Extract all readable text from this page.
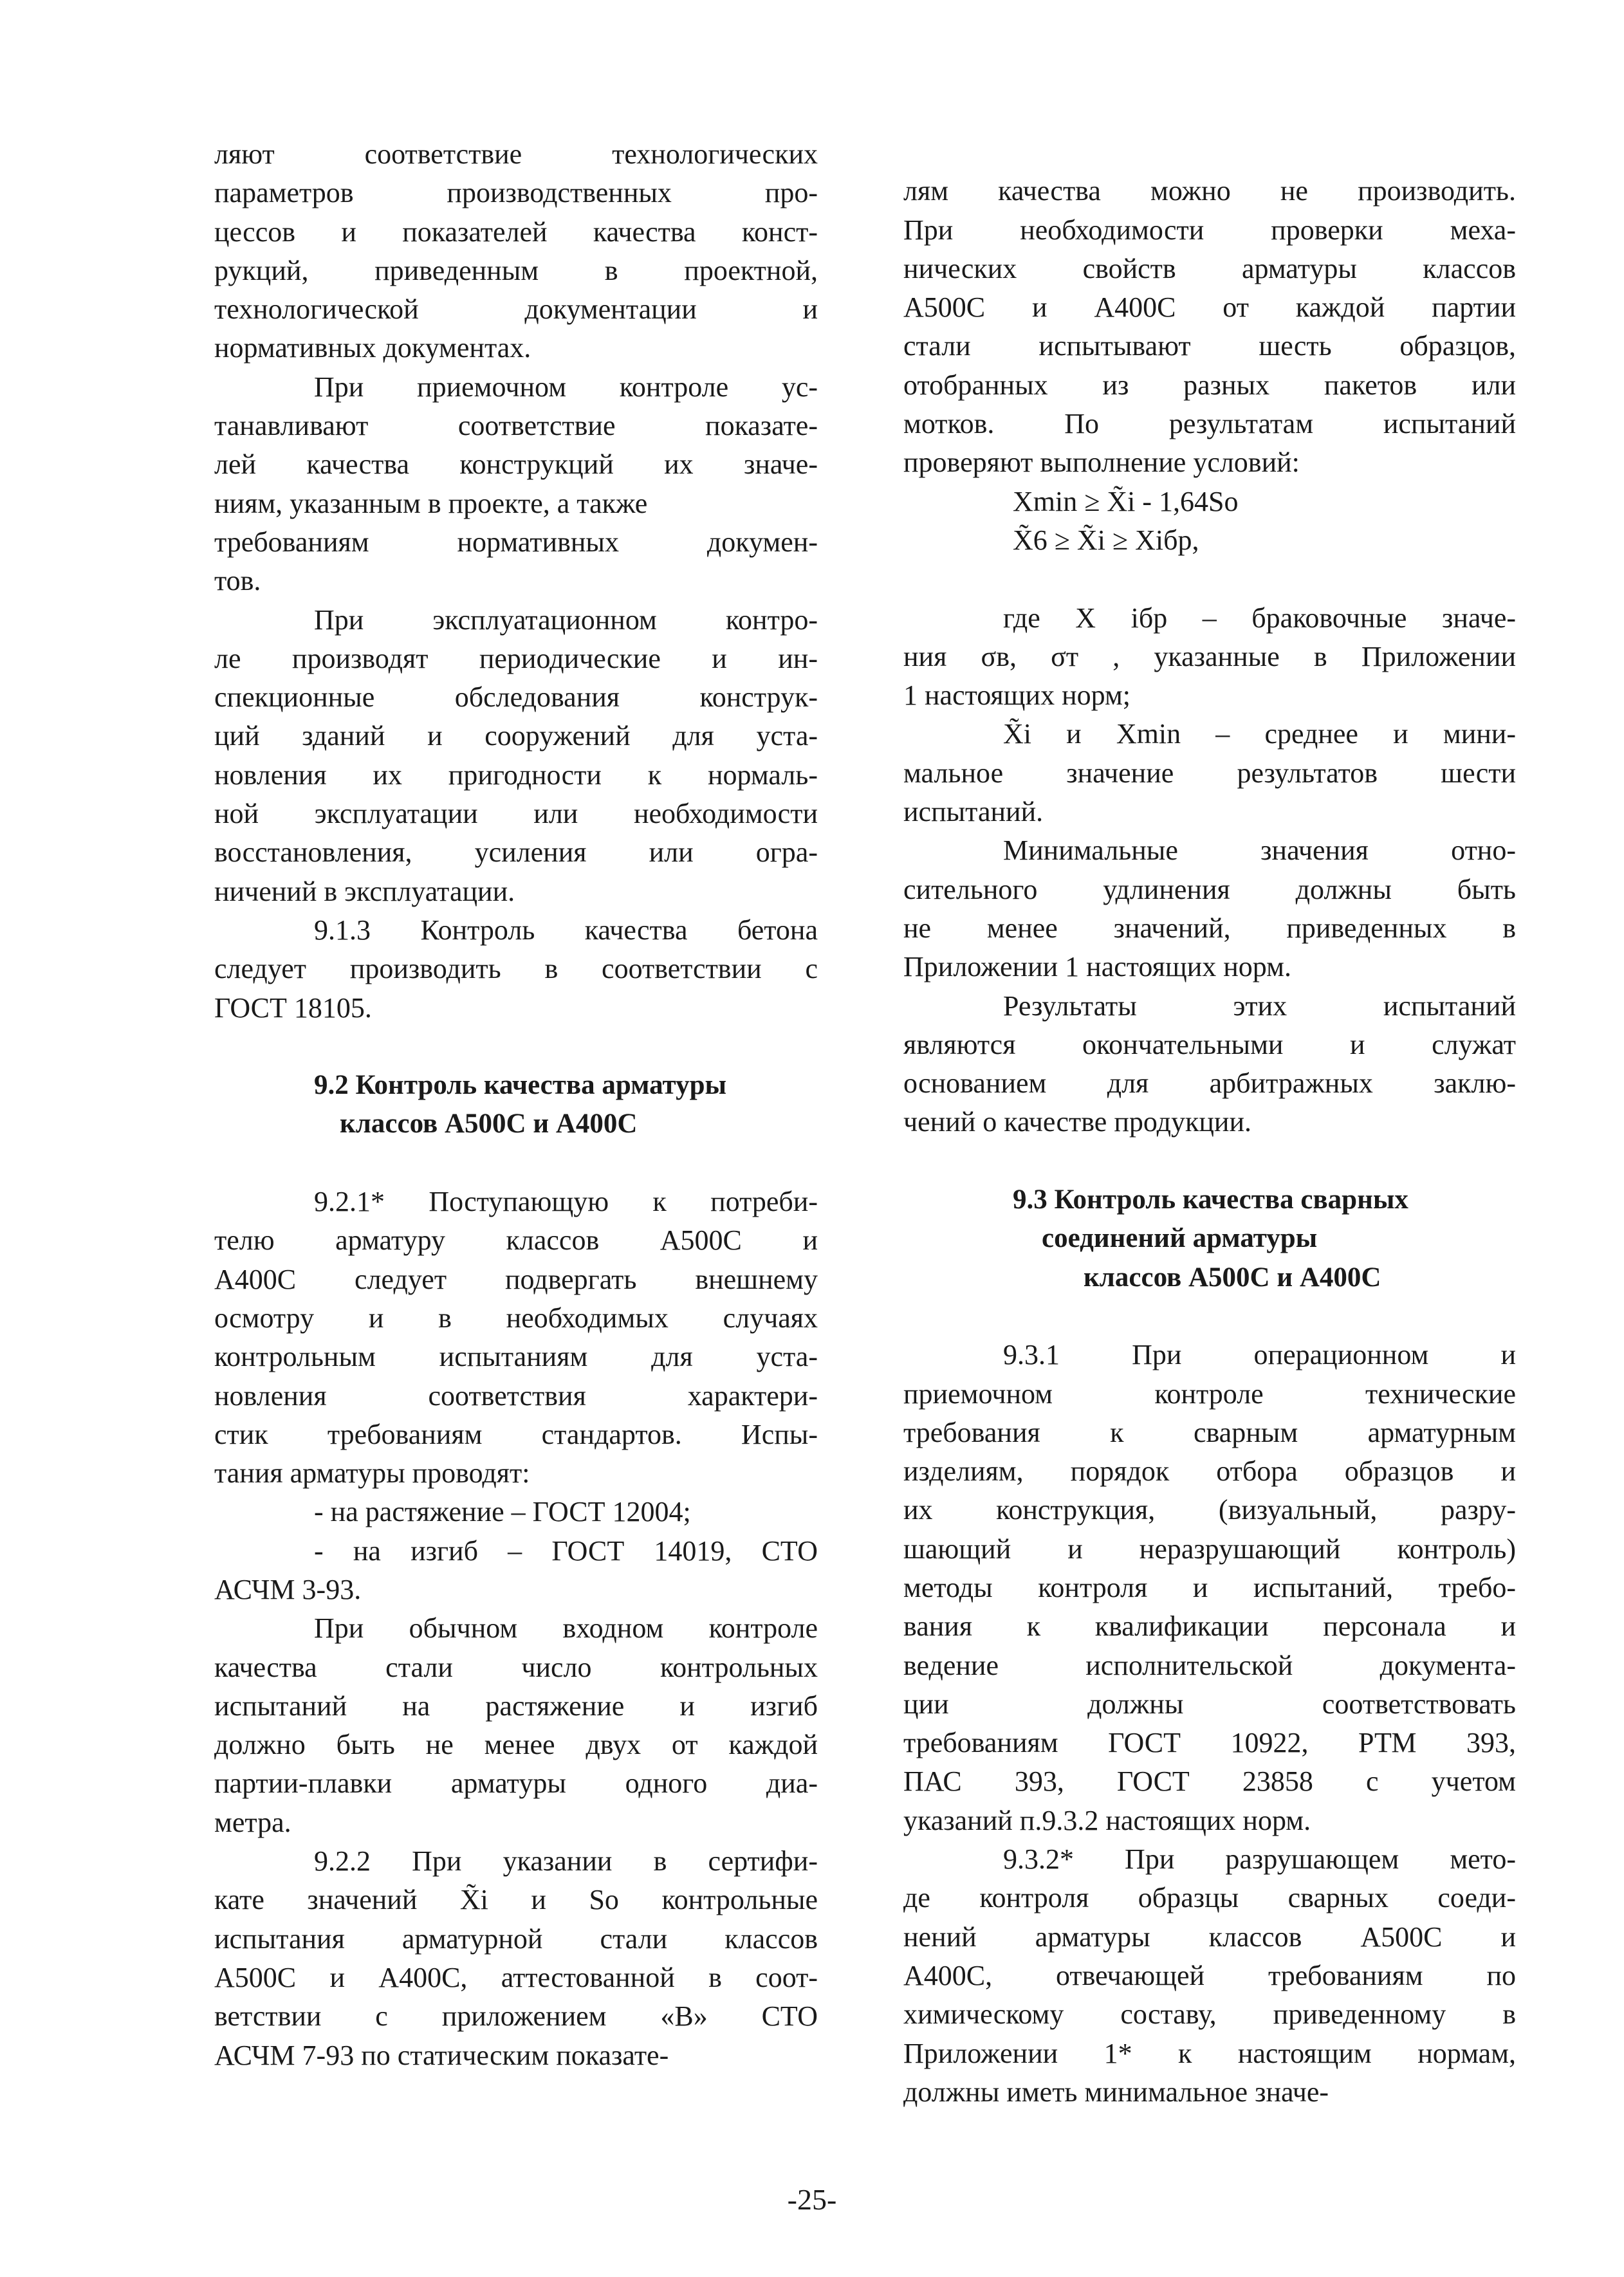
ляют соответствие технологических
параметров производственных про-
цессов и показателей качества конст-
рукций, приведенным в проектной,
технологической документации и
нормативных документах.
При приемочном контроле ус-
танавливают соответствие показате-
лей качества конструкций их значе-
ниям, указанным в проекте, а также
требованиям нормативных докумен-
тов.
При эксплуатационном контро-
ле производят периодические и ин-
спекционные обследования конструк-
ций зданий и сооружений для уста-
новления их пригодности к нормаль-
ной эксплуатации или необходимости
восстановления, усиления или огра-
ничений в эксплуатации.
9.1.3 Контроль качества бетона
следует производить в соответствии с
ГОСТ 18105.

9.2 Контроль качества арматуры
классов А500С и А400С

9.2.1* Поступающую к потреби-
телю арматуру классов А500С и
А400С следует подвергать внешнему
осмотру и в необходимых случаях
контрольным испытаниям для уста-
новления соответствия характери-
стик требованиям стандартов. Испы-
тания арматуры проводят:
- на растяжение – ГОСТ 12004;
- на изгиб – ГОСТ 14019, СТО
АСЧМ 3-93.
При обычном входном контроле
качества стали число контрольных
испытаний на растяжение и изгиб
должно быть не менее двух от каждой
партии-плавки арматуры одного диа-
метра.
9.2.2 При указании в сертифи-
кате значений X̃i и So контрольные
испытания арматурной стали классов
А500С и А400С, аттестованной в соот-
ветствии с приложением «В» СТО
АСЧМ 7-93 по статическим показате-

лям качества можно не производить.
При необходимости проверки меха-
нических свойств арматуры классов
А500С и А400С от каждой партии
стали испытывают шесть образцов,
отобранных из разных пакетов или
мотков. По результатам испытаний
проверяют выполнение условий:
Xmin ≥ X̃i - 1,64So
X̃6 ≥ X̃i ≥ Xiбр,

где X iбр – браковочные значе-
ния σв, σт , указанные в Приложении
1 настоящих норм;
X̃i и Xmin – среднее и мини-
мальное значение результатов шести
испытаний.
Минимальные значения отно-
сительного удлинения должны быть
не менее значений, приведенных в
Приложении 1 настоящих норм.
Результаты этих испытаний
являются окончательными и служат
основанием для арбитражных заклю-
чений о качестве продукции.

9.3 Контроль качества сварных
соединений арматуры
классов А500С и А400С

9.3.1 При операционном и
приемочном контроле технические
требования к сварным арматурным
изделиям, порядок отбора образцов и
их конструкция, (визуальный, разру-
шающий и неразрушающий контроль)
методы контроля и испытаний, требо-
вания к квалификации персонала и
ведение исполнительской документа-
ции должны соответствовать
требованиям ГОСТ 10922, РТМ 393,
ПАС 393, ГОСТ 23858 с учетом
указаний п.9.3.2 настоящих норм.
9.3.2* При разрушающем мето-
де контроля образцы сварных соеди-
нений арматуры классов А500С и
А400С, отвечающей требованиям по
химическому составу, приведенному в
Приложении 1* к настоящим нормам,
должны иметь минимальное значе-
-25-
